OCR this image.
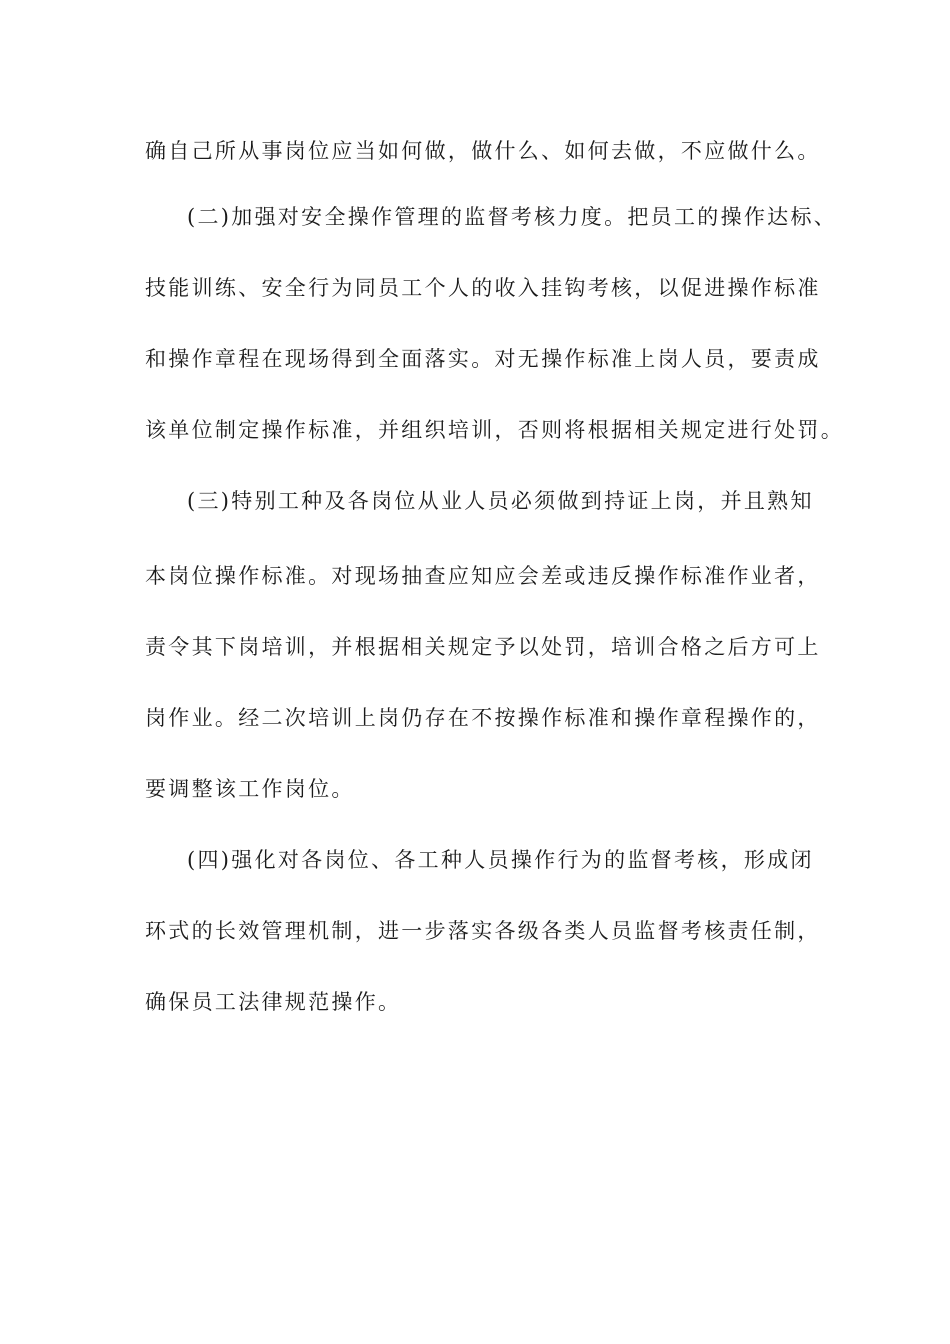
确自己所从事岗位应当如何做，做什么、如何去做，不应做什么。
(二)加强对安全操作管理的监督考核力度。把员工的操作达标、
技能训练、安全行为同员工个人的收入挂钩考核，以促进操作标准
和操作章程在现场得到全面落实。对无操作标准上岗人员，要责成
该单位制定操作标准，并组织培训，否则将根据相关规定进行处罚。
(三)特别工种及各岗位从业人员必须做到持证上岗，并且熟知
本岗位操作标准。对现场抽查应知应会差或违反操作标准作业者，
责令其下岗培训，并根据相关规定予以处罚，培训合格之后方可上
岗作业。经二次培训上岗仍存在不按操作标准和操作章程操作的，
要调整该工作岗位。
(四)强化对各岗位、各工种人员操作行为的监督考核，形成闭
环式的长效管理机制，进一步落实各级各类人员监督考核责任制，
确保员工法律规范操作。
